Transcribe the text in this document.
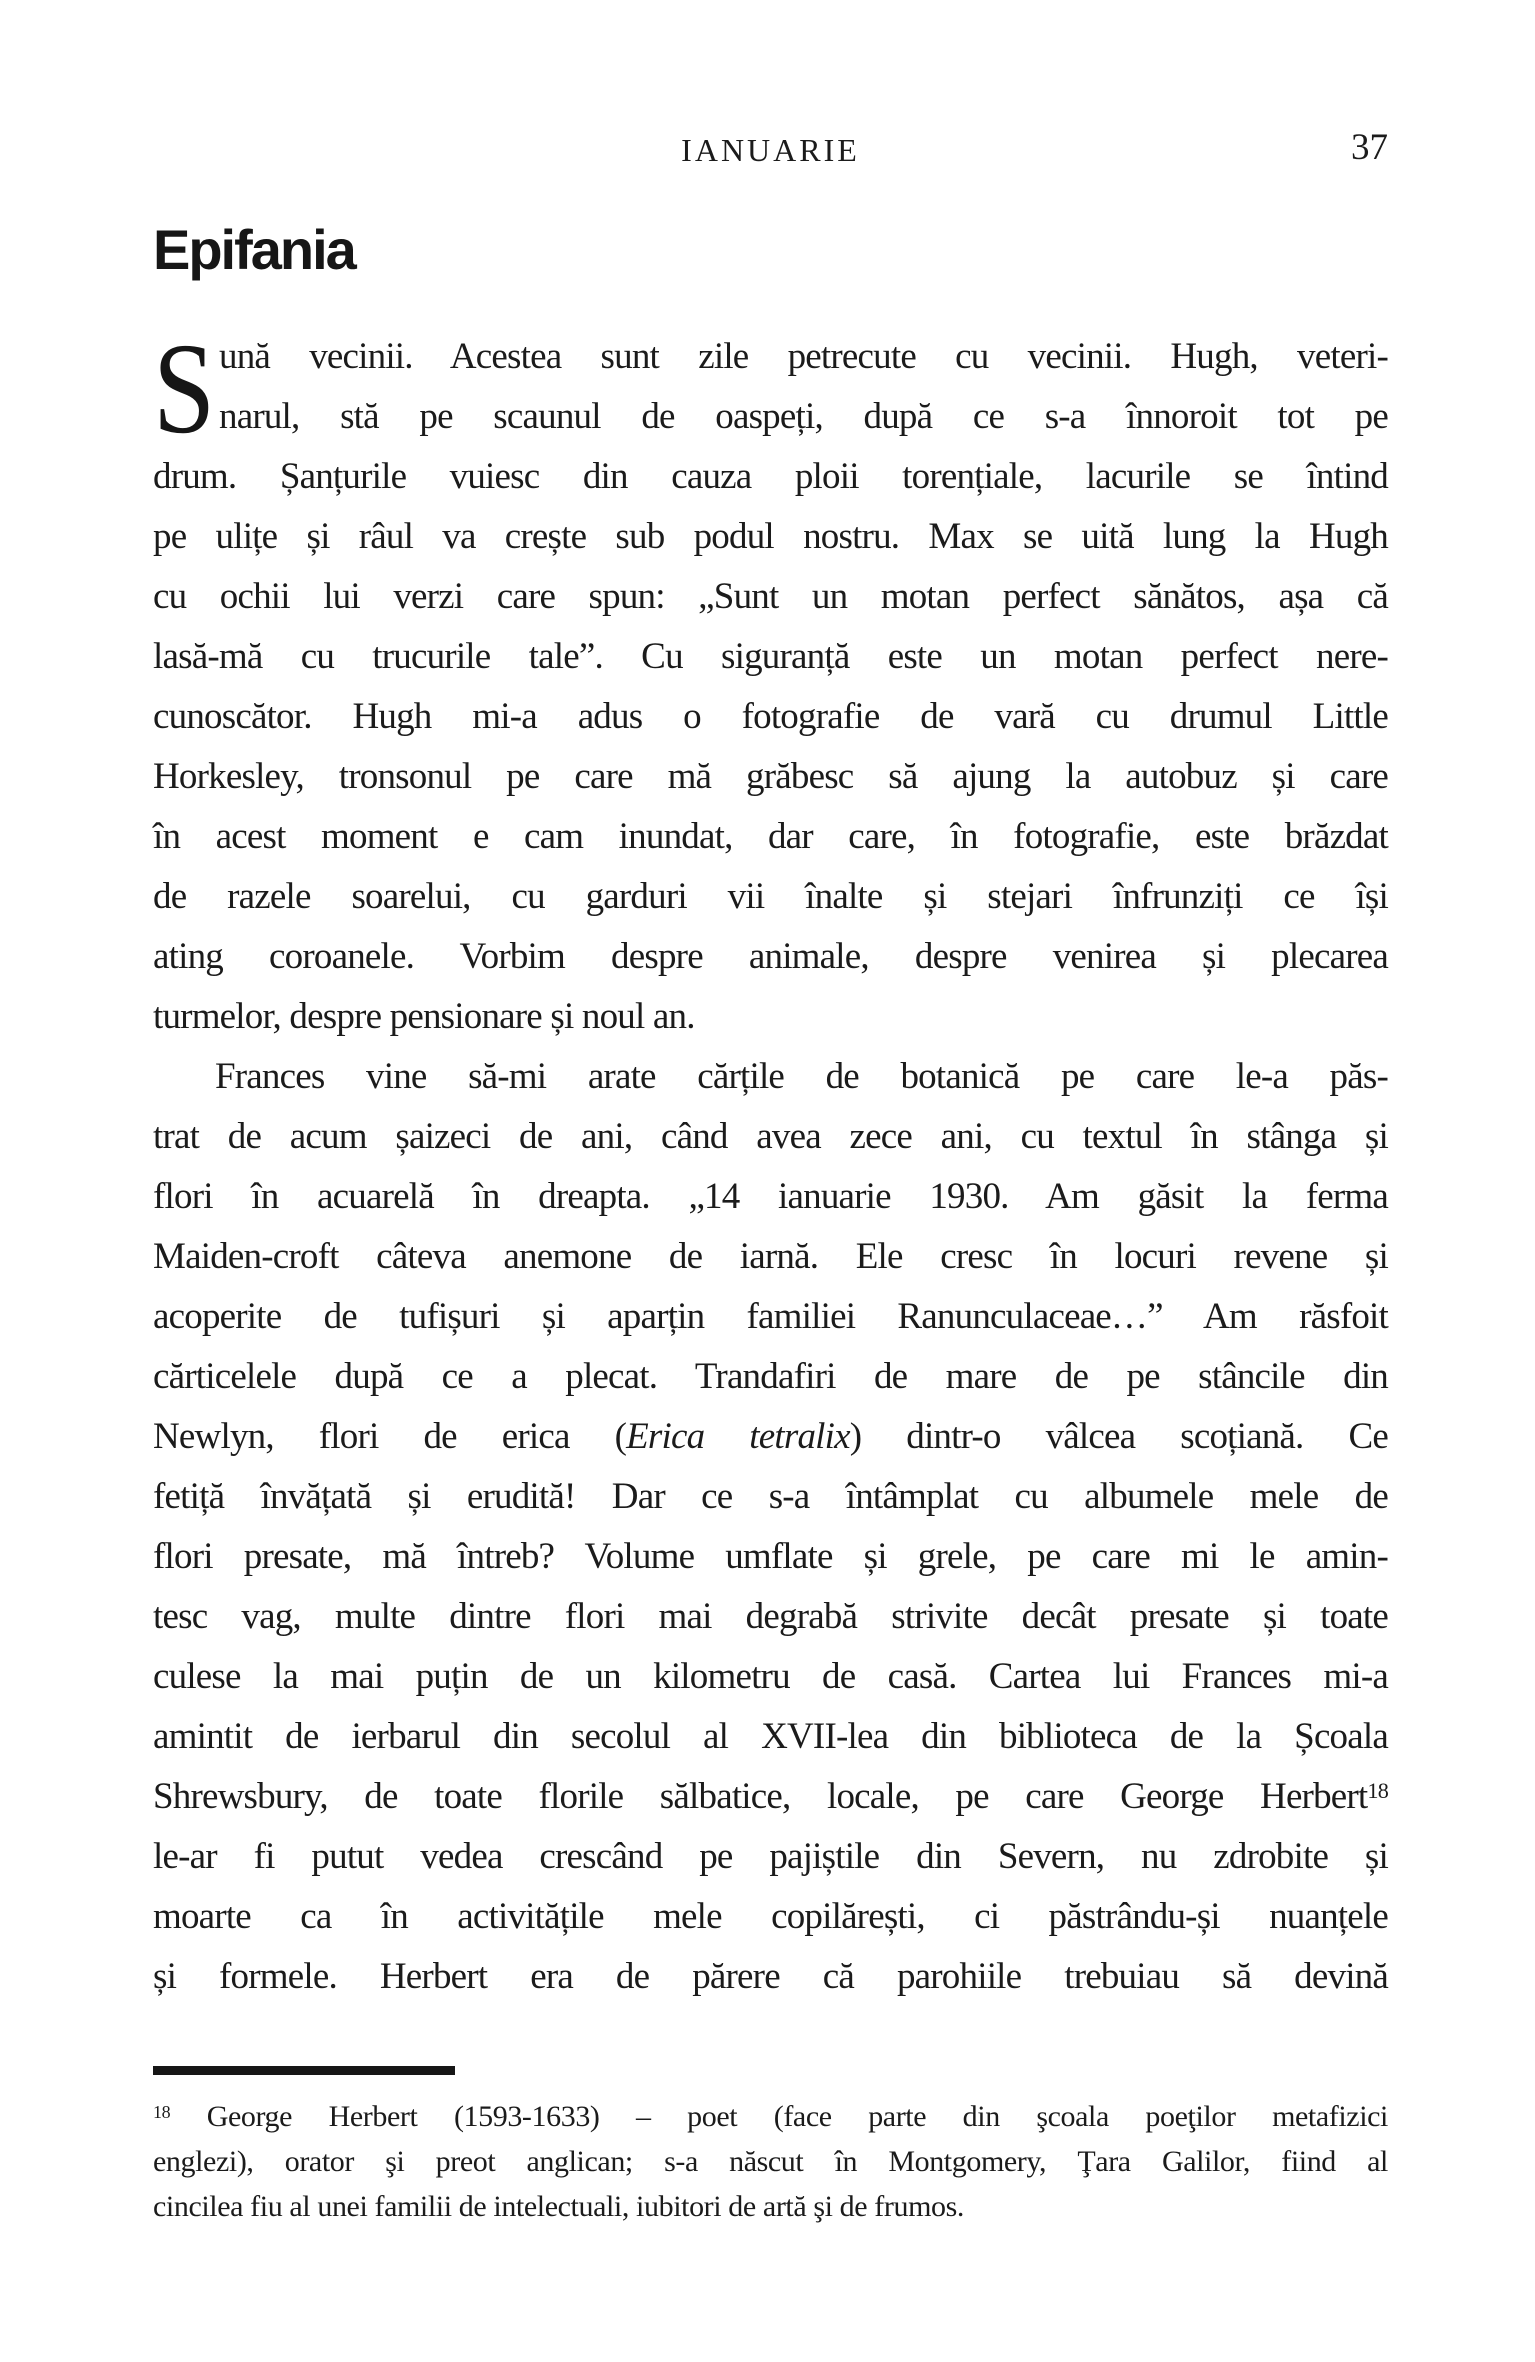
IANUARIE	37
Epifania
S ună vecinii. Acestea sunt zile petrecute cu vecinii. Hugh, veteri-
narul, stă pe scaunul de oaspeți, după ce s-a înnoroit tot pe
drum. Șanțurile vuiesc din cauza ploii torențiale, lacurile se întind
pe ulițe și râul va crește sub podul nostru. Max se uită lung la Hugh
cu ochii lui verzi care spun: „Sunt un motan perfect sănătos, așa că
lasă-mă cu trucurile tale”. Cu siguranță este un motan perfect nere-
cunoscător. Hugh mi-a adus o fotografie de vară cu drumul Little
Horkesley, tronsonul pe care mă grăbesc să ajung la autobuz și care
în acest moment e cam inundat, dar care, în fotografie, este brăzdat
de razele soarelui, cu garduri vii înalte și stejari înfrunziți ce își
ating coroanele. Vorbim despre animale, despre venirea și plecarea
turmelor, despre pensionare și noul an.
Frances vine să-mi arate cărțile de botanică pe care le-a păs-
trat de acum șaizeci de ani, când avea zece ani, cu textul în stânga și
flori în acuarelă în dreapta. „14 ianuarie 1930. Am găsit la ferma
Maiden-croft câteva anemone de iarnă. Ele cresc în locuri revene și
acoperite de tufișuri și aparțin familiei Ranunculaceae…” Am răsfoit
cărticelele după ce a plecat. Trandafiri de mare de pe stâncile din
Newlyn, flori de erica (Erica tetralix) dintr-o vâlcea scoțiană. Ce
fetiță învățată și erudită! Dar ce s-a întâmplat cu albumele mele de
flori presate, mă întreb? Volume umflate și grele, pe care mi le amin-
tesc vag, multe dintre flori mai degrabă strivite decât presate și toate
culese la mai puțin de un kilometru de casă. Cartea lui Frances mi-a
amintit de ierbarul din secolul al XVII-lea din biblioteca de la Școala
Shrewsbury, de toate florile sălbatice, locale, pe care George Herbert$^{18}$
le-ar fi putut vedea crescând pe pajiștile din Severn, nu zdrobite și
moarte ca în activitățile mele copilărești, ci păstrându-și nuanțele
și formele. Herbert era de părere că parohiile trebuiau să devină
$^{18}$ George Herbert (1593-1633) – poet (face parte din şcoala poeţilor metafizici
englezi), orator şi preot anglican; s-a născut în Montgomery, Ţara Galilor, fiind al
cincilea fiu al unei familii de intelectuali, iubitori de artă şi de frumos.
